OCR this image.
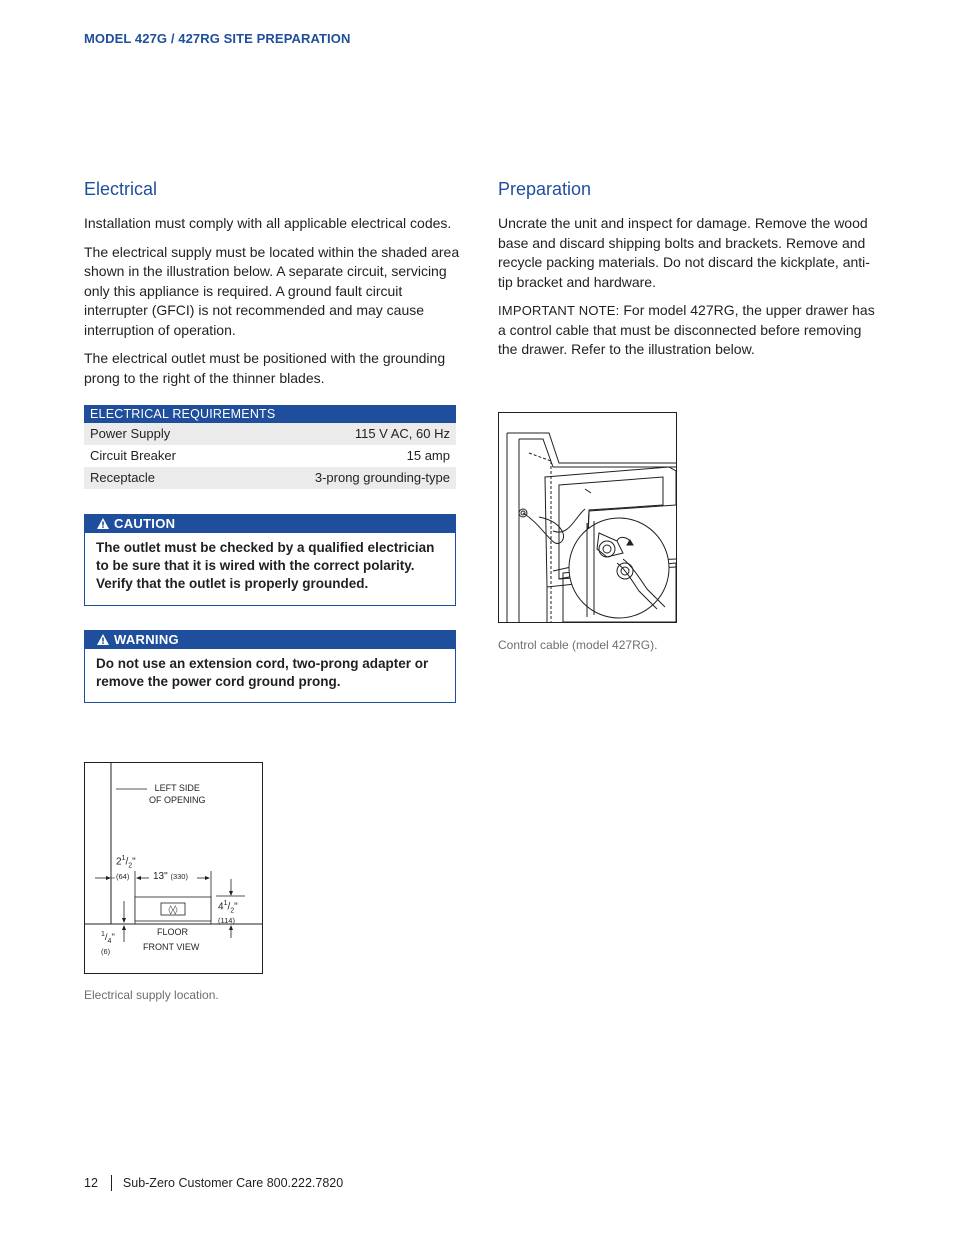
MODEL 427G / 427RG SITE PREPARATION
Electrical

Installation must comply with all applicable electrical codes.

The electrical supply must be located within the shaded area shown in the illustration below. A separate circuit, servicing only this appliance is required. A ground fault circuit interrupter (GFCI) is not recommended and may cause interruption of operation.

The electrical outlet must be positioned with the grounding prong to the right of the thinner blades.

ELECTRICAL REQUIREMENTS
Power Supply	115 V AC, 60 Hz
Circuit Breaker	15 amp
Receptacle	3-prong grounding-type
CAUTION
The outlet must be checked by a qualified electrician to be sure that it is wired with the correct polarity. Verify that the outlet is properly grounded.
WARNING
Do not use an extension cord, two-prong adapter or remove the power cord ground prong.
◊◊
LEFT SIDE
OF OPENING
$2^1/_2$"
(64)	13" (330)
$4^1/_2$"
(114)
$^1/_4$"
(6)
FLOOR
FRONT VIEW
Electrical supply location.
Preparation

Uncrate the unit and inspect for damage. Remove the wood base and discard shipping bolts and brackets. Remove and recycle packing materials. Do not discard the kickplate, anti-tip bracket and hardware.

IMPORTANT NOTE: For model 427RG, the upper drawer has a control cable that must be disconnected before removing the drawer. Refer to the illustration below.

Control cable (model 427RG).
12 Sub-Zero Customer Care 800.222.7820
